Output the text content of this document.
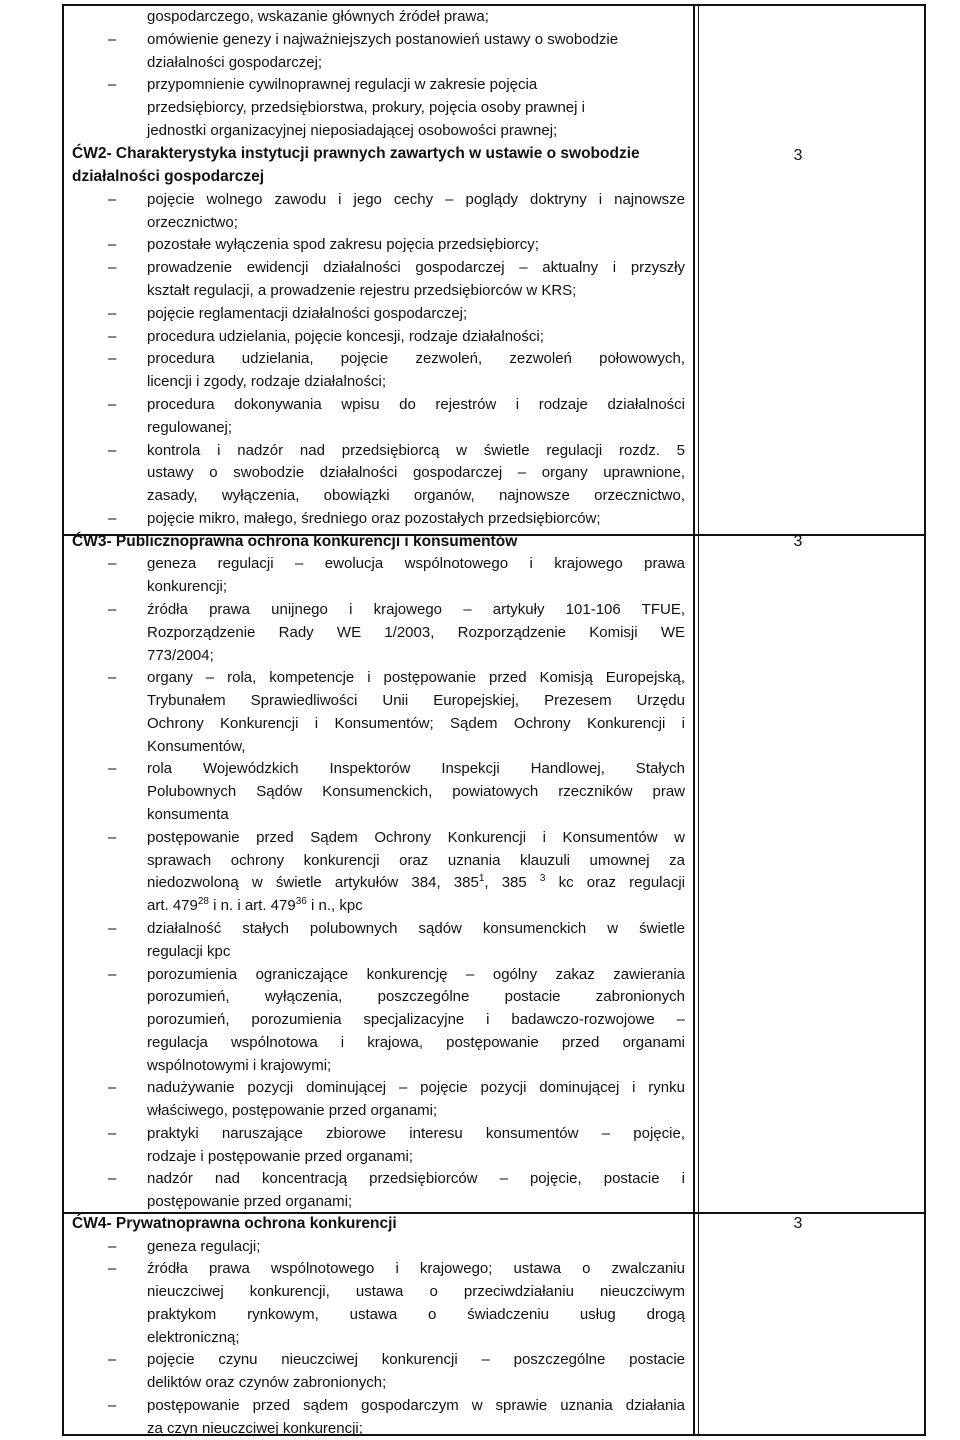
gospodarczego, wskazanie głównych źródeł prawa;
– omówienie genezy i najważniejszych postanowień ustawy o swobodzie
działalności gospodarczej;
– przypomnienie cywilnoprawnej regulacji w zakresie pojęcia
przedsiębiorcy, przedsiębiorstwa, prokury, pojęcia osoby prawnej i
jednostki organizacyjnej nieposiadającej osobowości prawnej;
ĆW2- Charakterystyka instytucji prawnych zawartych w ustawie o swobodzie
działalności gospodarczej
3
– pojęcie wolnego zawodu i jego cechy – poglądy doktryny i najnowsze
orzecznictwo;
– pozostałe wyłączenia spod zakresu pojęcia przedsiębiorcy;
– prowadzenie ewidencji działalności gospodarczej – aktualny i przyszły
kształt regulacji, a prowadzenie rejestru przedsiębiorców w KRS;
– pojęcie reglamentacji działalności gospodarczej;
– procedura udzielania, pojęcie koncesji, rodzaje działalności;
– procedura udzielania, pojęcie zezwoleń, zezwoleń połowowych,
licencji i zgody, rodzaje działalności;
– procedura dokonywania wpisu do rejestrów i rodzaje działalności
regulowanej;
– kontrola i nadzór nad przedsiębiorcą w świetle regulacji rozdz. 5
ustawy o swobodzie działalności gospodarczej – organy uprawnione,
zasady, wyłączenia, obowiązki organów, najnowsze orzecznictwo,
– pojęcie mikro, małego, średniego oraz pozostałych przedsiębiorców;
ĆW3- Publicznoprawna ochrona konkurencji i konsumentów	3
– geneza regulacji – ewolucja wspólnotowego i krajowego prawa
konkurencji;
– źródła prawa unijnego i krajowego – artykuły 101-106 TFUE,
Rozporządzenie Rady WE 1/2003, Rozporządzenie Komisji WE
773/2004;
– organy – rola, kompetencje i postępowanie przed Komisją Europejską,
Trybunałem Sprawiedliwości Unii Europejskiej, Prezesem Urzędu
Ochrony Konkurencji i Konsumentów; Sądem Ochrony Konkurencji i
Konsumentów,
– rola Wojewódzkich Inspektorów Inspekcji Handlowej, Stałych
Polubownych Sądów Konsumenckich, powiatowych rzeczników praw
konsumenta
– postępowanie przed Sądem Ochrony Konkurencji i Konsumentów w
sprawach ochrony konkurencji oraz uznania klauzuli umownej za
niedozwoloną w świetle artykułów 384, $385^1$, 385 $^3$ kc oraz regulacji
art. $479^{28}$ i n. i art. $479^{36}$ i n., kpc
– działalność stałych polubownych sądów konsumenckich w świetle
regulacji kpc
– porozumienia ograniczające konkurencję – ogólny zakaz zawierania
porozumień, wyłączenia, poszczególne postacie zabronionych
porozumień, porozumienia specjalizacyjne i badawczo-rozwojowe –
regulacja wspólnotowa i krajowa, postępowanie przed organami
wspólnotowymi i krajowymi;
– nadużywanie pozycji dominującej – pojęcie pozycji dominującej i rynku
właściwego, postępowanie przed organami;
– praktyki naruszające zbiorowe interesu konsumentów – pojęcie,
rodzaje i postępowanie przed organami;
– nadzór nad koncentracją przedsiębiorców – pojęcie, postacie i
postępowanie przed organami;
ĆW4- Prywatnoprawna ochrona konkurencji	3
– geneza regulacji;
– źródła prawa wspólnotowego i krajowego; ustawa o zwalczaniu
nieuczciwej konkurencji, ustawa o przeciwdziałaniu nieuczciwym
praktykom rynkowym, ustawa o świadczeniu usług drogą
elektroniczną;
– pojęcie czynu nieuczciwej konkurencji – poszczególne postacie
deliktów oraz czynów zabronionych;
– postępowanie przed sądem gospodarczym w sprawie uznania działania
za czyn nieuczciwej konkurencji;
